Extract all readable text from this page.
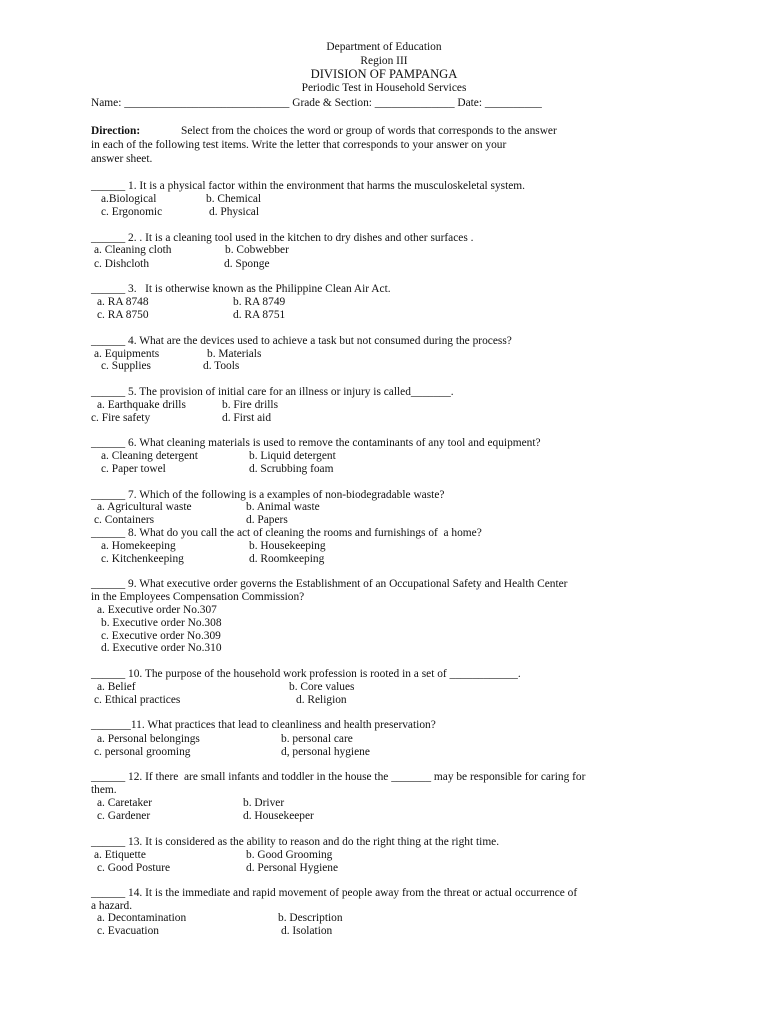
Department of Education
Region III
DIVISION OF PAMPANGA
Periodic Test in Household Services
Name: _____________________________ Grade & Section: ______________ Date: __________
Direction:	Select from the choices the word or group of words that corresponds to the answer
in each of the following test items. Write the letter that corresponds to your answer on your
answer sheet.
______ 1. It is a physical factor within the environment that harms the musculoskeletal system.
a.Biological	b. Chemical
c. Ergonomic	d. Physical
______ 2. . It is a cleaning tool used in the kitchen to dry dishes and other surfaces .
a. Cleaning cloth	b. Cobwebber
c. Dishcloth	d. Sponge
______ 3.   It is otherwise known as the Philippine Clean Air Act.
a. RA 8748	b. RA 8749
c. RA 8750	d. RA 8751
______ 4. What are the devices used to achieve a task but not consumed during the process?
a. Equipments	b. Materials
c. Supplies	d. Tools
______ 5. The provision of initial care for an illness or injury is called_______.
a. Earthquake drills	b. Fire drills
c. Fire safety	d. First aid
______ 6. What cleaning materials is used to remove the contaminants of any tool and equipment?
a. Cleaning detergent	b. Liquid detergent
c. Paper towel	d. Scrubbing foam
______ 7. Which of the following is a examples of non-biodegradable waste?
a. Agricultural waste	b. Animal waste
c. Containers	d. Papers
______ 8. What do you call the act of cleaning the rooms and furnishings of  a home?
a. Homekeeping	b. Housekeeping
c. Kitchenkeeping	d. Roomkeeping
______ 9. What executive order governs the Establishment of an Occupational Safety and Health Center
in the Employees Compensation Commission?
a. Executive order No.307
b. Executive order No.308
c. Executive order No.309
d. Executive order No.310
______ 10. The purpose of the household work profession is rooted in a set of ____________.
a. Belief	b. Core values
c. Ethical practices	d. Religion
_______11. What practices that lead to cleanliness and health preservation?
a. Personal belongings	b. personal care
c. personal grooming	d, personal hygiene
______ 12. If there  are small infants and toddler in the house the _______ may be responsible for caring for
them.
a. Caretaker	b. Driver
c. Gardener	d. Housekeeper
______ 13. It is considered as the ability to reason and do the right thing at the right time.
a. Etiquette	b. Good Grooming
c. Good Posture	d. Personal Hygiene
______ 14. It is the immediate and rapid movement of people away from the threat or actual occurrence of
a hazard.
a. Decontamination	b. Description
c. Evacuation	d. Isolation
